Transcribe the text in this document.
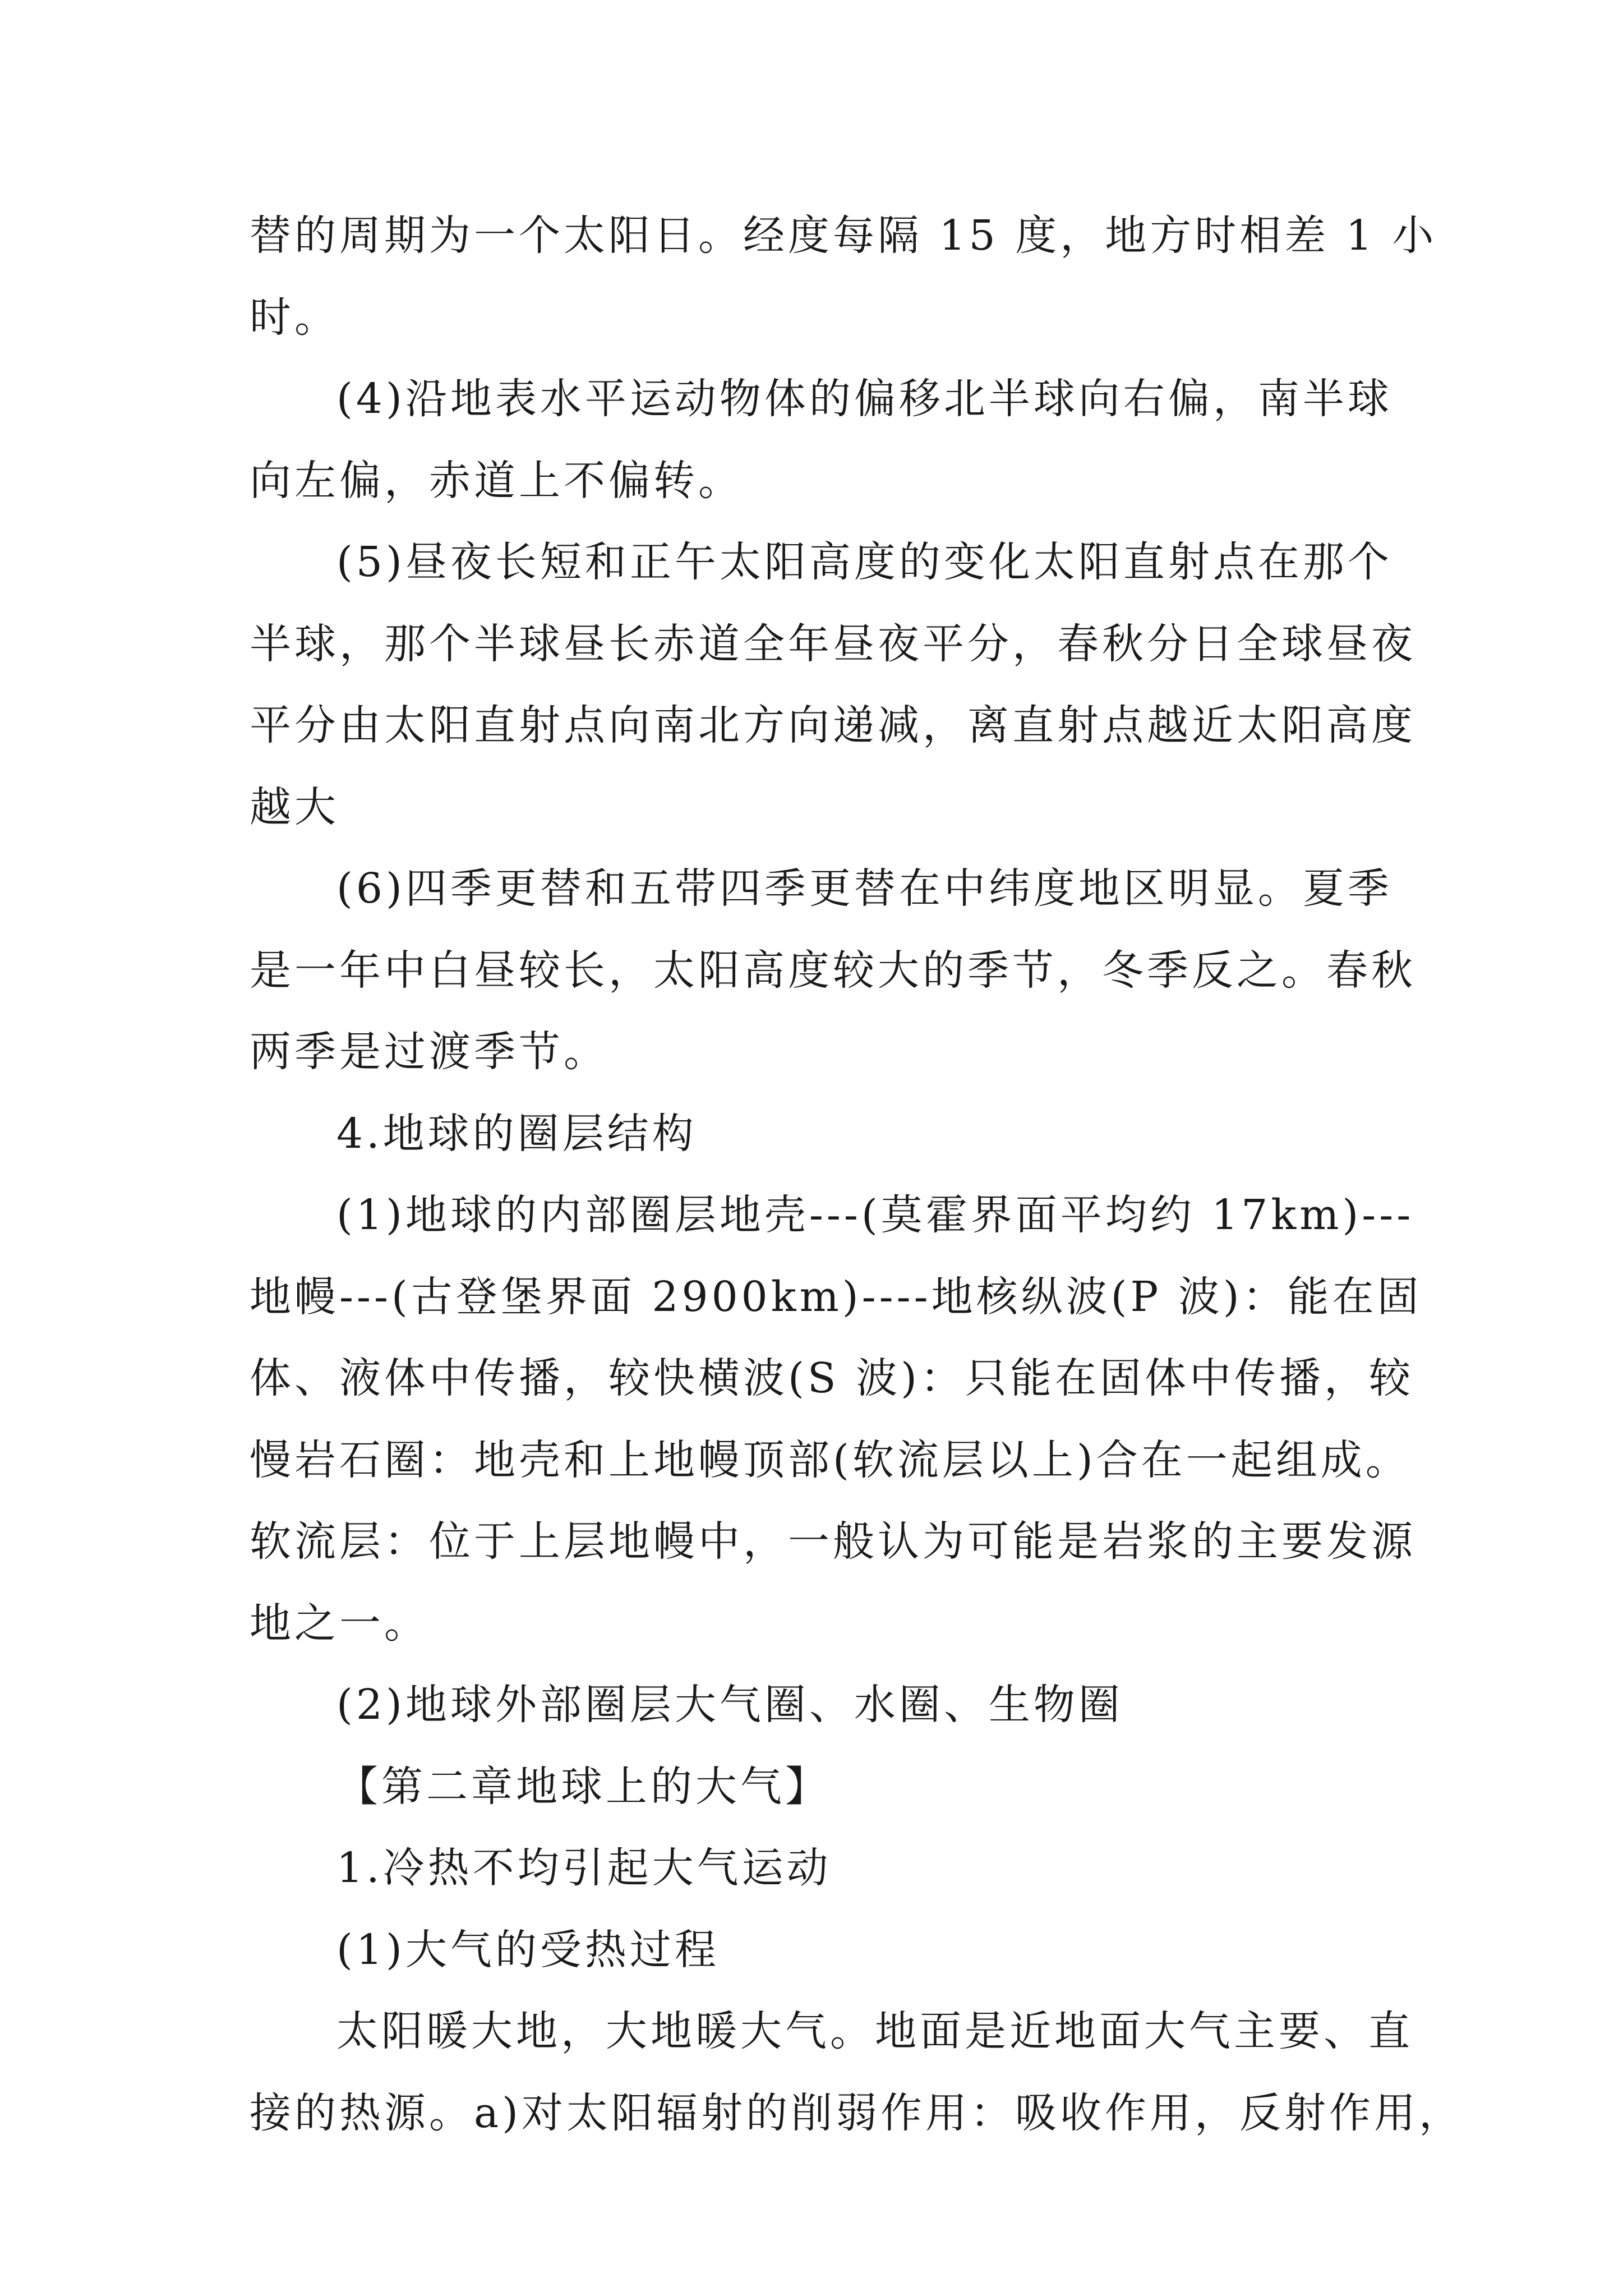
替的周期为一个太阳日。经度每隔 15 度，地方时相差 1 小
时。
(4)沿地表水平运动物体的偏移北半球向右偏，南半球
向左偏，赤道上不偏转。
(5)昼夜长短和正午太阳高度的变化太阳直射点在那个
半球，那个半球昼长赤道全年昼夜平分，春秋分日全球昼夜
平分由太阳直射点向南北方向递减，离直射点越近太阳高度
越大
(6)四季更替和五带四季更替在中纬度地区明显。夏季
是一年中白昼较长，太阳高度较大的季节，冬季反之。春秋
两季是过渡季节。
4.地球的圈层结构
(1)地球的内部圈层地壳---(莫霍界面平均约 17km)---
地幔---(古登堡界面 2900km)----地核纵波(P 波)：能在固
体、液体中传播，较快横波(S 波)：只能在固体中传播，较
慢岩石圈：地壳和上地幔顶部(软流层以上)合在一起组成。
软流层：位于上层地幔中，一般认为可能是岩浆的主要发源
地之一。
(2)地球外部圈层大气圈、水圈、生物圈
【第二章地球上的大气】
1.冷热不均引起大气运动
(1)大气的受热过程
太阳暖大地，大地暖大气。地面是近地面大气主要、直
接的热源。a)对太阳辐射的削弱作用：吸收作用，反射作用，
